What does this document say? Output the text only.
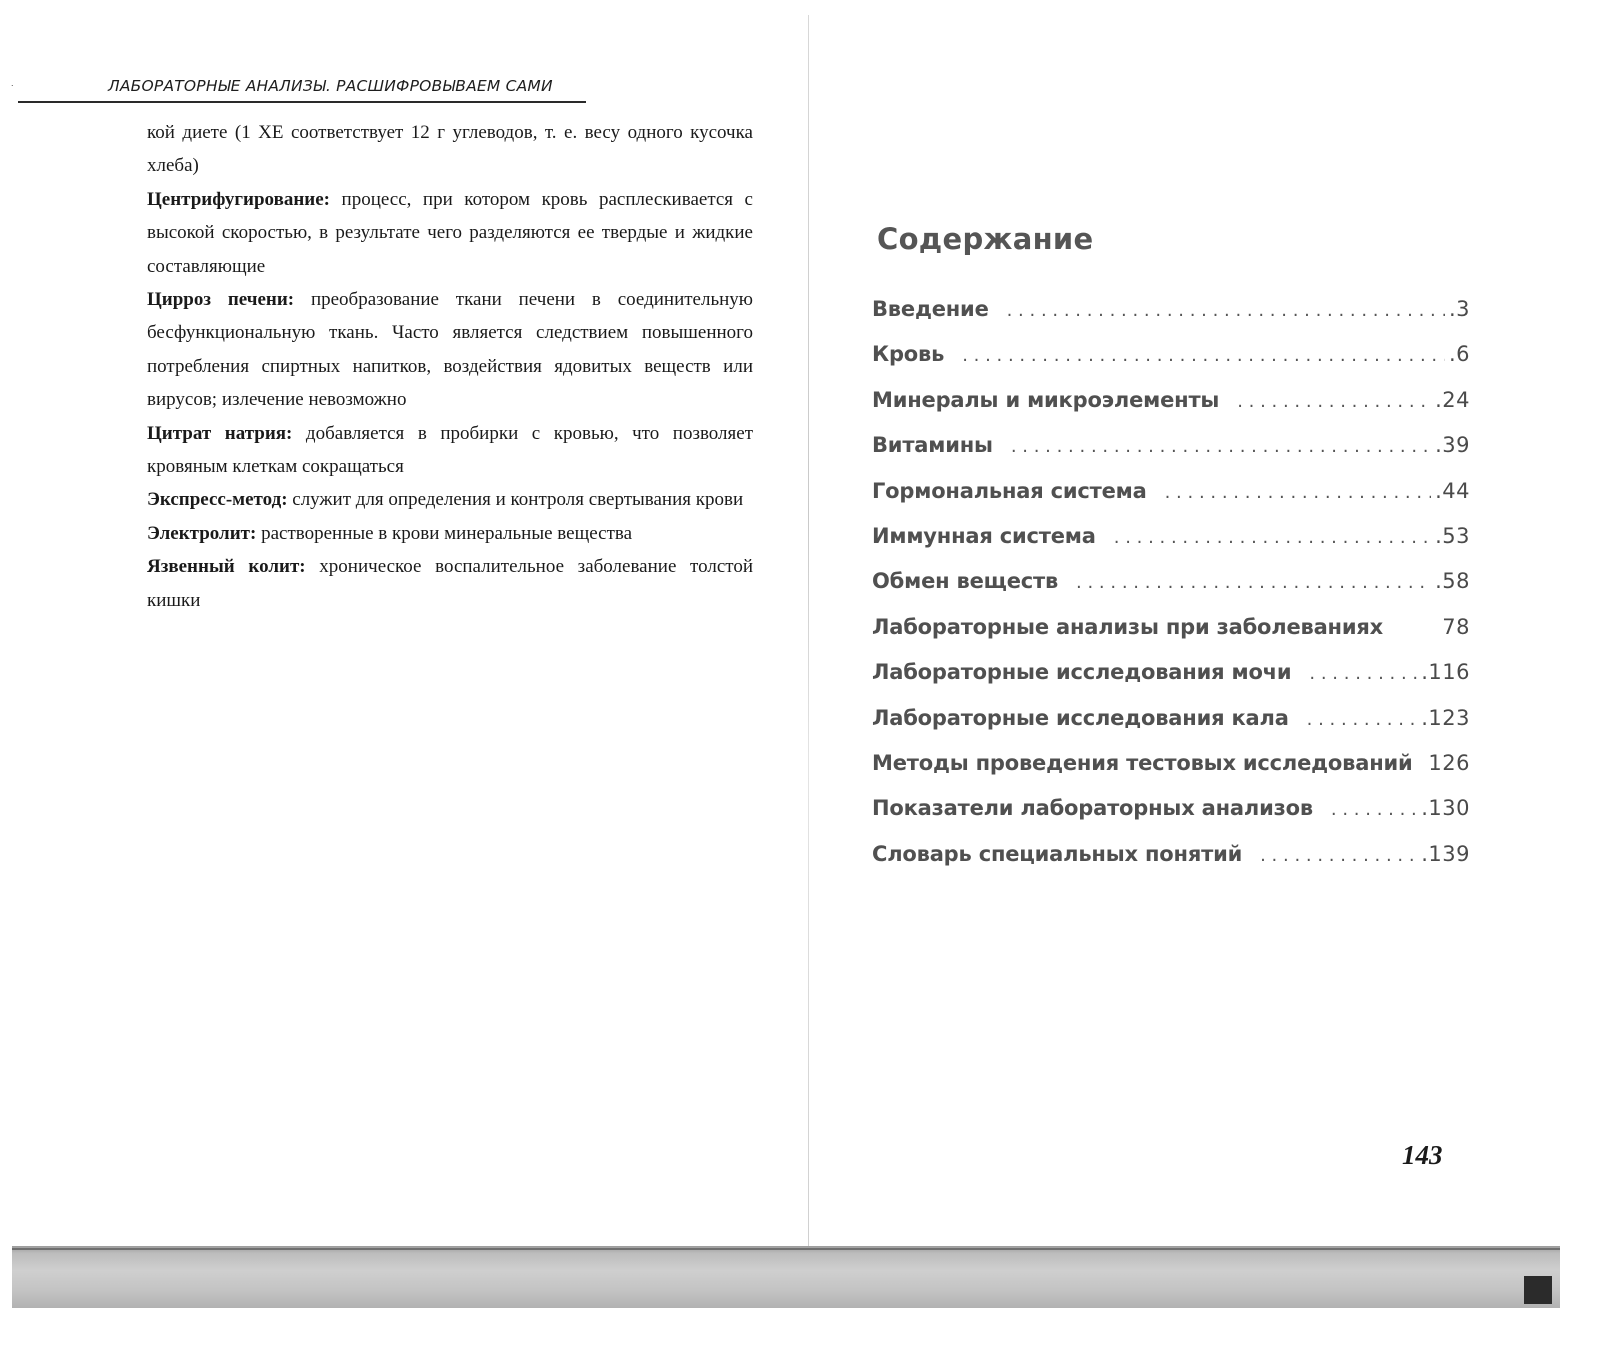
˙	ЛАБОРАТОРНЫЕ АНАЛИЗЫ. РАСШИФРОВЫВАЕМ САМИ

кой диете (1 ХЕ соответствует 12 г углеводов, т. е. весу одного кусочка хлеба)

Центрифугирование: процесс, при котором кровь расплескивается с высокой скоростью, в результате чего разделяются ее твердые и жидкие составляющие

Цирроз печени: преобразование ткани печени в соединительную бесфункциональную ткань. Часто является следствием повышенного потребления спиртных напитков, воздействия ядовитых веществ или вирусов; излечение невозможно

Цитрат натрия: добавляется в пробирки с кровью, что позволяет кровяным клеткам сокращаться

Экспресс-метод: служит для определения и контроля свертывания крови

Электролит: растворенные в крови минеральные вещества

Язвенный колит: хроническое воспалительное заболевание толстой кишки

Содержание
Введение . . .	.3
Кровь . . .	.6
Минералы и микроэлементы . . .	.24
Витамины . . .	.39
Гормональная система . . .	.44
Иммунная система . . .	.53
Обмен веществ . . .	.58
Лабораторные анализы при заболеваниях	78
Лабораторные исследования мочи . . .	.116
Лабораторные исследования кала . . .	.123
Методы проведения тестовых исследований 126
Показатели лабораторных анализов . . .	.130
Словарь специальных понятий . . .	.139
143
